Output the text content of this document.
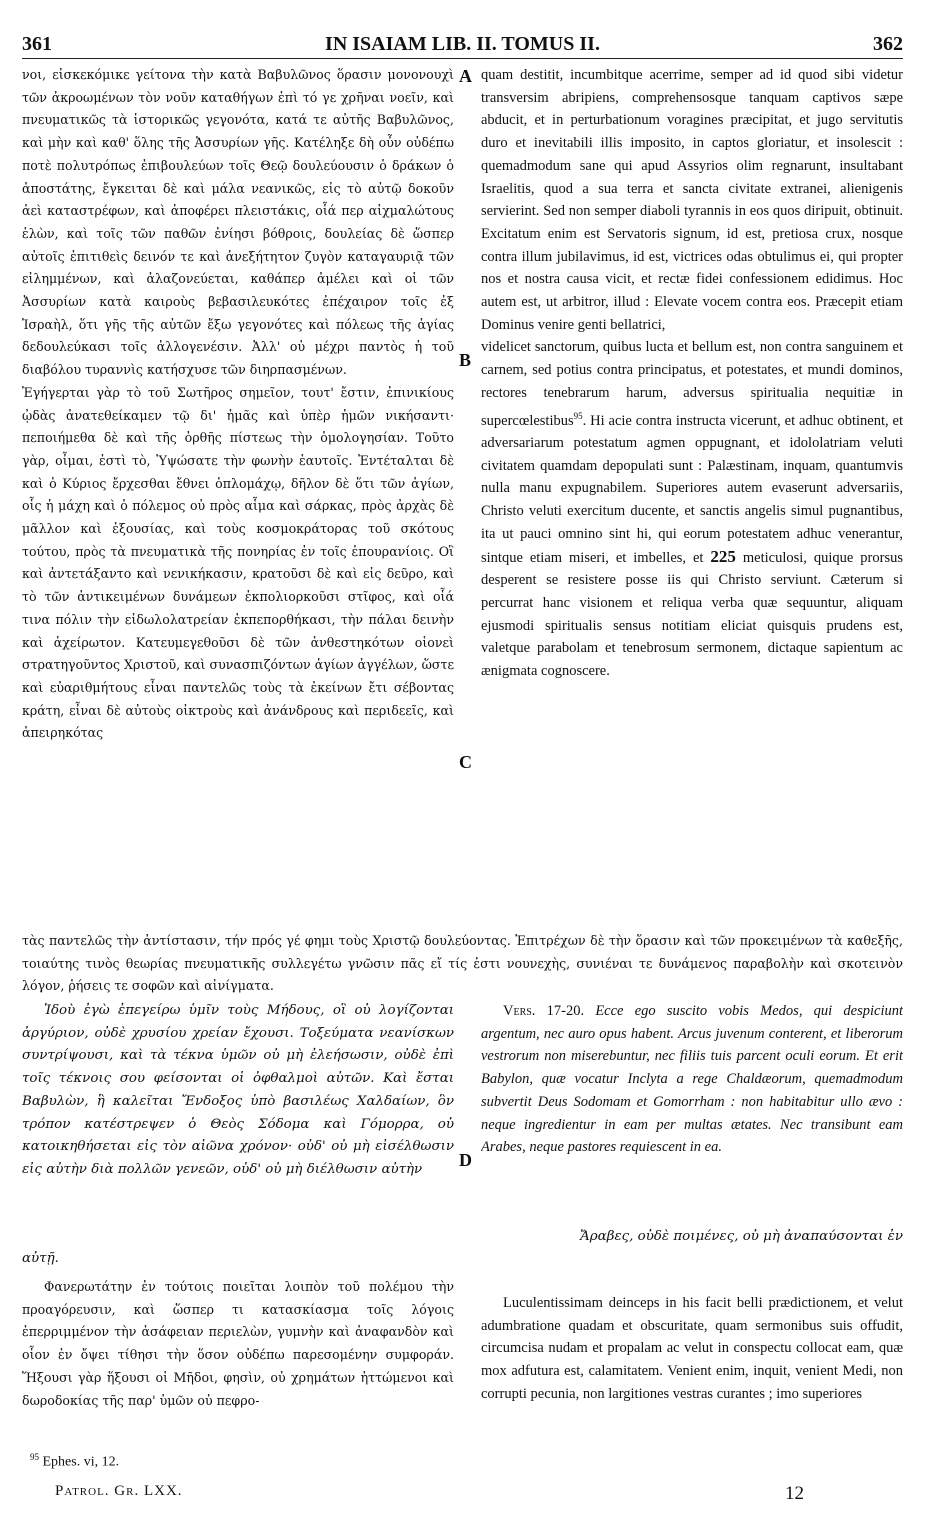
361	IN ISAIAM LIB. II. TOMUS II.	362

νοι, εἰσκεκόμικε γείτονα τὴν κατὰ Βαβυλῶνος ὅρασιν μονονουχὶ τῶν ἀκροωμένων τὸν νοῦν καταθήγων ἐπὶ τό γε χρῆναι νοεῖν, καὶ πνευματικῶς τὰ ἱστορικῶς γεγονότα, κατά τε αὐτῆς Βαβυλῶνος, καὶ μὴν καὶ καθ' ὅλης τῆς Ἀσσυρίων γῆς. Κατέληξε δὴ οὖν οὐδέπω ποτὲ πολυτρόπως ἐπιβουλεύων τοῖς Θεῷ δουλεύουσιν ὁ δράκων ὁ ἀποστάτης, ἔγκειται δὲ καὶ μάλα νεανικῶς, εἰς τὸ αὐτῷ δοκοῦν ἀεὶ καταστρέφων, καὶ ἀποφέρει πλειστάκις, οἷά περ αἰχμαλώτους ἑλὼν, καὶ τοῖς τῶν παθῶν ἐνίησι βόθροις, δουλείας δὲ ὥσπερ αὐτοῖς ἐπιτιθεὶς δεινόν τε καὶ ἀνεξήτητον ζυγὸν καταγαυριᾷ τῶν εἰλημμένων, καὶ ἀλαζονεύεται, καθάπερ ἀμέλει καὶ οἱ τῶν Ἀσσυρίων κατὰ καιροὺς βεβασιλευκότες ἐπέχαιρον τοῖς ἐξ Ἰσραὴλ, ὅτι γῆς τῆς αὐτῶν ἔξω γεγονότες καὶ πόλεως τῆς ἁγίας δεδουλεύκασι τοῖς ἀλλογενέσιν. Ἀλλ' οὐ μέχρι παντὸς ἡ τοῦ διαβόλου τυραννὶς κατήσχυσε τῶν διηρπασμένων.

Ἐγήγερται γὰρ τὸ τοῦ Σωτῆρος σημεῖον, τουτ' ἔστιν, ἐπινικίους ᾠδὰς ἀνατεθείκαμεν τῷ δι' ἡμᾶς καὶ ὑπὲρ ἡμῶν νικήσαντι· πεποιήμεθα δὲ καὶ τῆς ὀρθῆς πίστεως τὴν ὁμολογησίαν. Τοῦτο γὰρ, οἶμαι, ἐστὶ τὸ, Ὑψώσατε τὴν φωνὴν ἑαυτοῖς. Ἐντέταλται δὲ καὶ ὁ Κύριος ἔρχεσθαι ἔθνει ὁπλομάχῳ, δῆλον δὲ ὅτι τῶν ἁγίων, οἷς ἡ μάχη καὶ ὁ πόλεμος οὐ πρὸς αἷμα καὶ σάρκας, πρὸς ἀρχὰς δὲ μᾶλλον καὶ ἐξουσίας, καὶ τοὺς κοσμοκράτορας τοῦ σκότους τούτου, πρὸς τὰ πνευματικὰ τῆς πονηρίας ἐν τοῖς ἐπουρανίοις. Οἳ καὶ ἀντετάξαντο καὶ νενικήκασιν, κρατοῦσι δὲ καὶ εἰς δεῦρο, καὶ τὸ τῶν ἀντικειμένων δυνάμεων ἐκπολιορκοῦσι στῖφος, καὶ οἷά τινα πόλιν τὴν εἰδωλολατρείαν ἐκπεπορθήκασι, τὴν πάλαι δεινὴν καὶ ἀχείρωτον. Κατευμεγεθοῦσι δὲ τῶν ἀνθεστηκότων οἱονεὶ στρατηγοῦντος Χριστοῦ, καὶ συνασπιζόντων ἁγίων ἀγγέλων, ὥστε καὶ εὐαριθμήτους εἶναι παντελῶς τοὺς τὰ ἐκείνων ἔτι σέβοντας κράτη, εἶναι δὲ αὐτοὺς οἰκτροὺς καὶ ἀνάνδρους καὶ περιδεεῖς, καὶ ἀπειρηκότας

A
B
C
D

quam destitit, incumbitque acerrime, semper ad id quod sibi videtur transversim abripiens, comprehensosque tanquam captivos sæpe abducit, et in perturbationum voragines præcipitat, et jugo servitutis duro et inevitabili illis imposito, in captos gloriatur, et insolescit : quemadmodum sane qui apud Assyrios olim regnarunt, insultabant Israelitis, quod a sua terra et sancta civitate extranei, alienigenis servierint. Sed non semper diaboli tyrannis in eos quos diripuit, obtinuit. Excitatum enim est Servatoris signum, id est, pretiosa crux, nosque contra illum jubilavimus, id est, victrices odas obtulimus ei, qui propter nos et nostra causa vicit, et rectæ fidei confessionem edidimus. Hoc autem est, ut arbitror, illud : Elevate vocem contra eos. Præcepit etiam Dominus venire genti bellatrici,

videlicet sanctorum, quibus lucta et bellum est, non contra sanguinem et carnem, sed potius contra principatus, et potestates, et mundi dominos, rectores tenebrarum harum, adversus spiritualia nequitiæ in supercœlestibus$^{95}$. Hi acie contra instructa vicerunt, et adhuc obtinent, et adversariarum potestatum agmen oppugnant, et idololatriam veluti civitatem quamdam depopulati sunt : Palæstinam, inquam, quantumvis nulla manu expugnabilem. Superiores autem evaserunt adversariis, Christo veluti exercitum ducente, et sanctis angelis simul pugnantibus, ita ut pauci omnino sint hi, qui eorum potestatem adhuc venerantur, sintque etiam miseri, et imbelles, et 225 meticulosi, quique prorsus desperent se resistere posse iis qui Christo serviunt. Cæterum si percurrat hanc visionem et reliqua verba quæ sequuntur, aliquam ejusmodi spiritualis sensus notitiam eliciat quisquis prudens est, valetque parabolam et tenebrosum sermonem, dictaque sapientum ac ænigmata cognoscere.

τὰς παντελῶς τὴν ἀντίστασιν, τήν πρός γέ φημι τοὺς Χριστῷ δουλεύοντας. Ἐπιτρέχων δὲ τὴν ὅρασιν καὶ τῶν προκειμένων τὰ καθεξῆς, τοιαύτης τινὸς θεωρίας πνευματικῆς συλλεγέτω γνῶσιν πᾶς εἴ τίς ἐστι νουνεχὴς, συνιέναι τε δυνάμενος παραβολὴν καὶ σκοτεινὸν λόγον, ῥήσεις τε σοφῶν καὶ αἰνίγματα.
Ἰδοὺ ἐγὼ ἐπεγείρω ὑμῖν τοὺς Μήδους, οἳ οὐ λογίζονται ἀργύριον, οὐδὲ χρυσίου χρείαν ἔχουσι. Τοξεύματα νεανίσκων συντρίψουσι, καὶ τὰ τέκνα ὑμῶν οὐ μὴ ἐλεήσωσιν, οὐδὲ ἐπὶ τοῖς τέκνοις σου φείσονται οἱ ὀφθαλμοὶ αὐτῶν. Καὶ ἔσται Βαβυλὼν, ἣ καλεῖται Ἔνδοξος ὑπὸ βασιλέως Χαλδαίων, ὃν τρόπον κατέστρεψεν ὁ Θεὸς Σόδομα καὶ Γόμορρα, οὐ κατοικηθήσεται εἰς τὸν αἰῶνα χρόνον· οὐδ' οὐ μὴ εἰσέλθωσιν εἰς αὐτὴν διὰ πολλῶν γενεῶν, οὐδ' οὐ μὴ διέλθωσιν αὐτὴν
Vers. 17-20. Ecce ego suscito vobis Medos, qui despiciunt argentum, nec auro opus habent. Arcus juvenum conterent, et liberorum vestrorum non miserebuntur, nec filiis tuis parcent oculi eorum. Et erit Babylon, quæ vocatur Inclyta a rege Chaldæorum, quemadmodum subvertit Deus Sodomam et Gomorrham : non habitabitur ullo ævo : neque ingredientur in eam per multas ætates. Nec transibunt eam Arabes, neque pastores requiescent in ea.
Ἄραβες, οὐδὲ ποιμένες, οὐ μὴ ἀναπαύσονται ἐν
αὐτῇ.
Φανερωτάτην ἐν τούτοις ποιεῖται λοιπὸν τοῦ πολέμου τὴν προαγόρευσιν, καὶ ὥσπερ τι κατασκίασμα τοῖς λόγοις ἐπερριμμένον τὴν ἀσάφειαν περιελὼν, γυμνὴν καὶ ἀναφανδὸν καὶ οἷον ἐν ὄψει τίθησι τὴν ὅσον οὐδέπω παρεσομένην συμφοράν. Ἥξουσι γὰρ ἥξουσι οἱ Μῆδοι, φησὶν, οὐ χρημάτων ἡττώμενοι καὶ δωροδοκίας τῆς παρ' ὑμῶν οὐ πεφρο-
Luculentissimam deinceps in his facit belli prædictionem, et velut adumbratione quadam et obscuritate, quam sermonibus suis offudit, circumcisa nudam et propalam ac velut in conspectu collocat eam, quæ mox adfutura est, calamitatem. Venient enim, inquit, venient Medi, non corrupti pecunia, non largitiones vestras curantes ; imo superiores
$^{95}$ Ephes. vi, 12.
Patrol. Gr. LXX.	12
